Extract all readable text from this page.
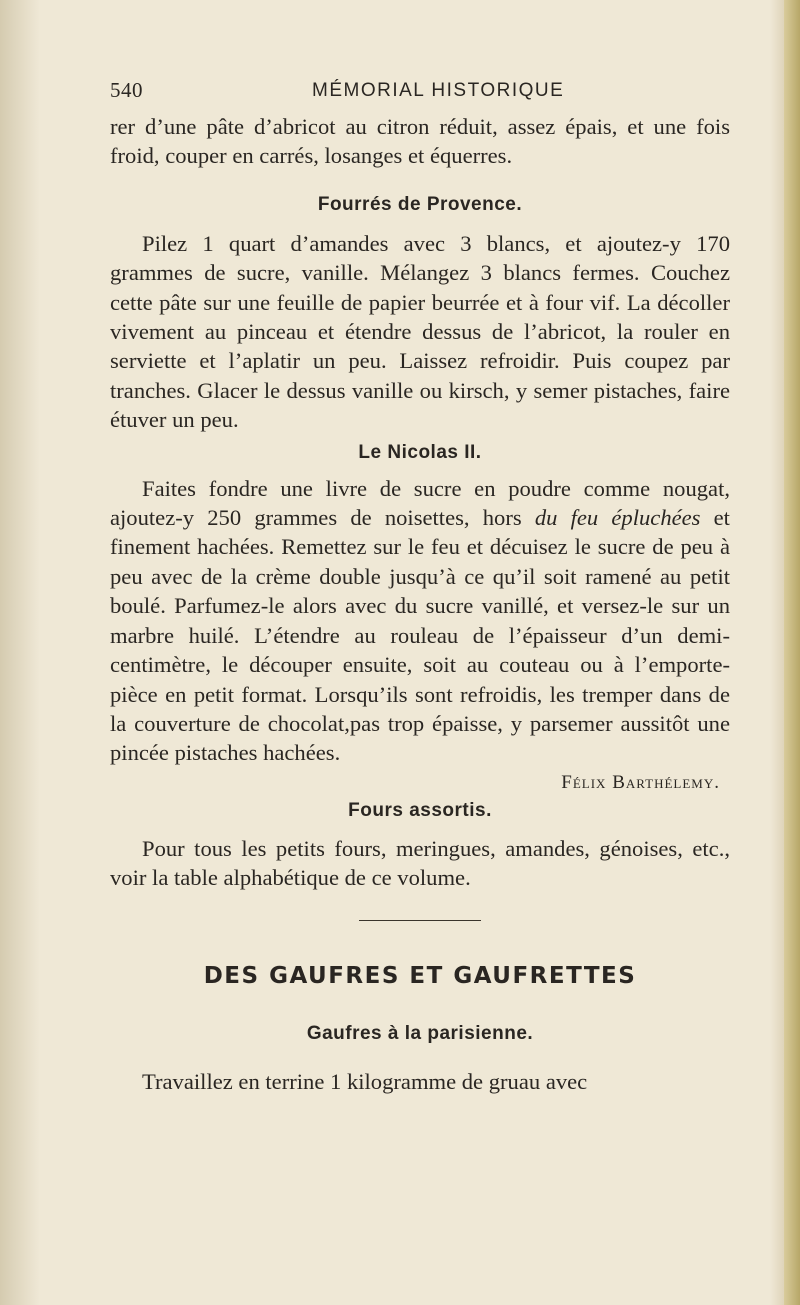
540	MÉMORIAL HISTORIQUE

rer d’une pâte d’abricot au citron réduit, assez épais, et une fois froid, couper en carrés, losanges et équerres.

Fourrés de Provence.

Pilez 1 quart d’amandes avec 3 blancs, et ajoutez-y 170 grammes de sucre, vanille. Mélangez 3 blancs fermes. Couchez cette pâte sur une feuille de papier beurrée et à four vif. La décoller vivement au pinceau et étendre dessus de l’abricot, la rouler en serviette et l’aplatir un peu. Laissez refroidir. Puis coupez par tranches. Glacer le dessus vanille ou kirsch, y semer pistaches, faire étuver un peu.

Le Nicolas II.

Faites fondre une livre de sucre en poudre comme nougat, ajoutez-y 250 grammes de noisettes, hors du feu épluchées et finement hachées. Remettez sur le feu et décuisez le sucre de peu à peu avec de la crème double jusqu’à ce qu’il soit ramené au petit boulé. Parfumez-le alors avec du sucre vanillé, et versez-le sur un marbre huilé. L’étendre au rouleau de l’épaisseur d’un demi-centimètre, le découper ensuite, soit au couteau ou à l’emporte-pièce en petit format. Lorsqu’ils sont refroidis, les tremper dans de la couverture de chocolat,pas trop épaisse, y parsemer aussitôt une pincée pistaches hachées.

Félix Barthélemy.
Fours assortis.

Pour tous les petits fours, meringues, amandes, génoises, etc., voir la table alphabétique de ce volume.

DES GAUFRES ET GAUFRETTES
Gaufres à la parisienne.

Travaillez en terrine 1 kilogramme de gruau avec
